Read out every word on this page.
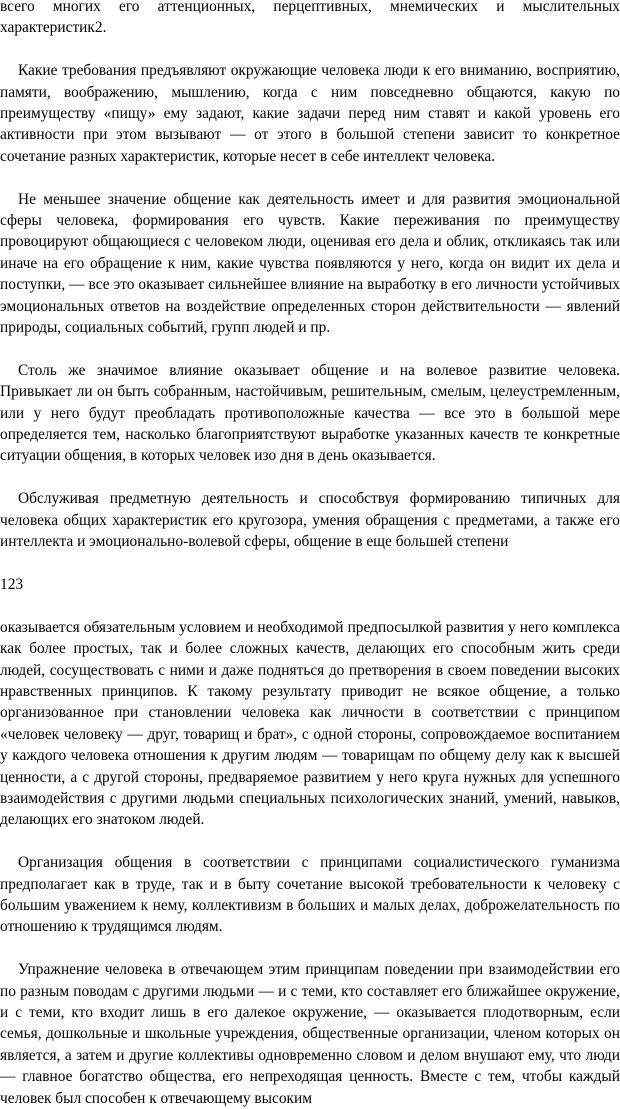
всего многих его аттенционных, перцептивных, мнемических и мыслительных характеристик2.

Какие требования предъявляют окружающие человека люди к его вниманию, восприятию, памяти, воображению, мышлению, когда с ним повседневно общаются, какую по преимуществу «пищу» ему задают, какие задачи перед ним ставят и какой уровень его активности при этом вызывают — от этого в большой степени зависит то конкретное сочетание разных характеристик, которые несет в себе интеллект человека.

Не меньшее значение общение как деятельность имеет и для развития эмоциональной сферы человека, формирования его чувств. Какие переживания по преимуществу провоцируют общающиеся с человеком люди, оценивая его дела и облик, откликаясь так или иначе на его обращение к ним, какие чувства появляются у него, когда он видит их дела и поступки, — все это оказывает сильнейшее влияние на выработку в его личности устойчивых эмоциональных ответов на воздействие определенных сторон действительности — явлений природы, социальных событий, групп людей и пр.

Столь же значимое влияние оказывает общение и на волевое развитие человека. Привыкает ли он быть собранным, настойчивым, решительным, смелым, целеустремленным, или у него будут преобладать противоположные качества — все это в большой мере определяется тем, насколько благоприятствуют выработке указанных качеств те конкретные ситуации общения, в которых человек изо дня в день оказывается.

Обслуживая предметную деятельность и способствуя формированию типичных для человека общих характеристик его кругозора, умения обращения с предметами, а также его интеллекта и эмоционально-волевой сферы, общение в еще большей степени

123

оказывается обязательным условием и необходимой предпосылкой развития у него комплекса как более простых, так и более сложных качеств, делающих его способным жить среди людей, сосуществовать с ними и даже подняться до претворения в своем поведении высоких нравственных принципов. К такому результату приводит не всякое общение, а только организованное при становлении человека как личности в соответствии с принципом «человек человеку — друг, товарищ и брат», с одной стороны, сопровождаемое воспитанием у каждого человека отношения к другим людям — товарищам по общему делу как к высшей ценности, а с другой стороны, предваряемое развитием у него круга нужных для успешного взаимодействия с другими людьми специальных психологических знаний, умений, навыков, делающих его знатоком людей.

Организация общения в соответствии с принципами социалистического гуманизма предполагает как в труде, так и в быту сочетание высокой требовательности к человеку с большим уважением к нему, коллективизм в больших и малых делах, доброжелательность по отношению к трудящимся людям.

Упражнение человека в отвечающем этим принципам поведении при взаимодействии его по разным поводам с другими людьми — и с теми, кто составляет его ближайшее окружение, и с теми, кто входит лишь в его далекое окружение, — оказывается плодотворным, если семья, дошкольные и школьные учреждения, общественные организации, членом которых он является, а затем и другие коллективы одновременно словом и делом внушают ему, что люди — главное богатство общества, его непреходящая ценность. Вместе с тем, чтобы каждый человек был способен к отвечающему высоким
